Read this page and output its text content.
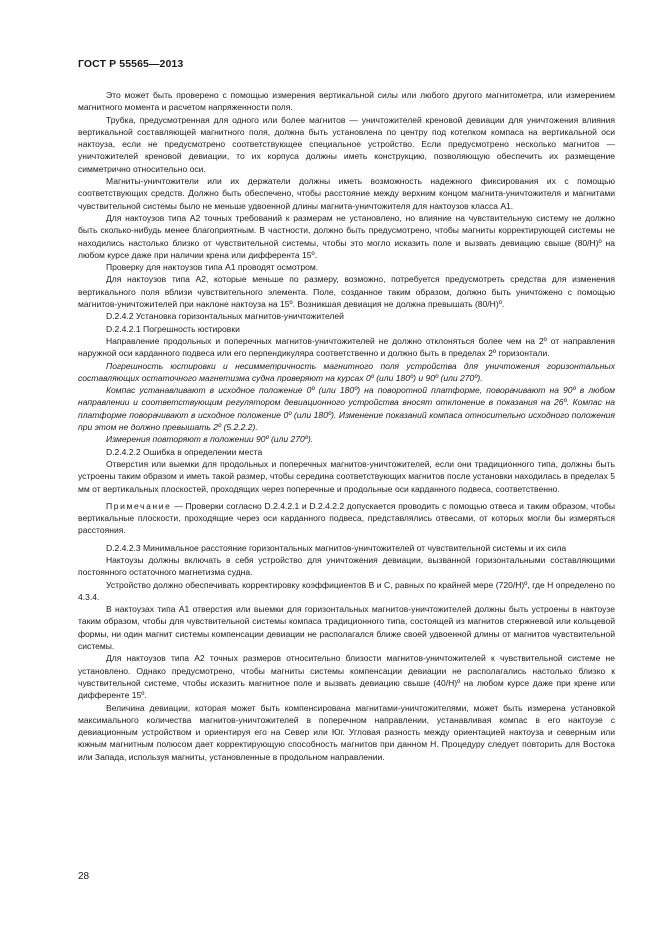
ГОСТ Р 55565—2013

Это может быть проверено с помощью измерения вертикальной силы или любого другого магнитометра, или измерением магнитного момента и расчетом напряженности поля.

Трубка, предусмотренная для одного или более магнитов — уничтожителей креновой девиации для уничтожения влияния вертикальной составляющей магнитного поля, должна быть установлена по центру под котелком компаса на вертикальной оси нактоуза, если не предусмотрено соответствующее специальное устройство. Если предусмотрено несколько магнитов — уничтожителей креновой девиации, то их корпуса должны иметь конструкцию, позволяющую обеспечить их размещение симметрично относительно оси.

Магниты-уничтожители или их держатели должны иметь возможность надежного фиксирования их с помощью соответствующих средств. Должно быть обеспечено, чтобы расстояние между верхним концом магнита-уничтожителя и магнитами чувствительной системы было не меньше удвоенной длины магнита-уничтожителя для нактоузов класса А1.

Для нактоузов типа А2 точных требований к размерам не установлено, но влияние на чувствительную систему не должно быть сколько-нибудь менее благоприятным. В частности, должно быть предусмотрено, чтобы магниты корректирующей системы не находились настолько близко от чувствительной системы, чтобы это могло исказить поле и вызвать девиацию свыше (80/H)º на любом курсе даже при наличии крена или дифферента 15º.

Проверку для нактоузов типа А1 проводят осмотром.

Для нактоузов типа А2, которые меньше по размеру, возможно, потребуется предусмотреть средства для изменения вертикального поля вблизи чувствительного элемента. Поле, созданное таким образом, должно быть уничтожено с помощью магнитов-уничтожителей при наклоне нактоуза на 15º. Возникшая девиация не должна превышать (80/H)º.

D.2.4.2 Установка горизонтальных магнитов-уничтожителей

D.2.4.2.1 Погрешность юстировки

Направление продольных и поперечных магнитов-уничтожителей не должно отклоняться более чем на 2º от направления наружной оси карданного подвеса или его перпендикуляра соответственно и должно быть в пределах 2º горизонтали.

Погрешность юстировки и несимметричность магнитного поля устройства для уничтожения горизонтальных составляющих остаточного магнетизма судна проверяют на курсах 0º (или 180º) и 90º (или 270º).

Компас устанавливают в исходное положение 0º (или 180º) на поворотной платформе, поворачивают на 90º в любом направлении и соответствующим регулятором девиационного устройства вносят отклонение в показания на 26º. Компас на платформе поворачивают в исходное положение 0º (или 180º). Изменение показаний компаса относительно исходного положения при этом не должно превышать 2º (5.2.2.2).

Измерения повторяют в положении 90º (или 270º).

D.2.4.2.2 Ошибка в определении места

Отверстия или выемки для продольных и поперечных магнитов-уничтожителей, если они традиционного типа, должны быть устроены таким образом и иметь такой размер, чтобы середина соответствующих магнитов после установки находилась в пределах 5 мм от вертикальных плоскостей, проходящих через поперечные и продольные оси карданного подвеса, соответственно.

Примечание — Проверки согласно D.2.4.2.1 и D.2.4.2.2 допускается проводить с помощью отвеса и таким образом, чтобы вертикальные плоскости, проходящие через оси карданного подвеса, представлялись отвесами, от которых могли бы измеряться расстояния.

D.2.4.2.3 Минимальное расстояние горизонтальных магнитов-уничтожителей от чувствительной системы и их сила

Нактоузы должны включать в себя устройство для уничтожения девиации, вызванной горизонтальными составляющими постоянного остаточного магнетизма судна.

Устройство должно обеспечивать корректировку коэффициентов B и C, равных по крайней мере (720/H)º, где H определено по 4.3.4.

В нактоузах типа А1 отверстия или выемки для горизонтальных магнитов-уничтожителей должны быть устроены в нактоузе таким образом, чтобы для чувствительной системы компаса традиционного типа, состоящей из магнитов стержневой или кольцевой формы, ни один магнит системы компенсации девиации не располагался ближе своей удвоенной длины от магнитов чувствительной системы.

Для нактоузов типа А2 точных размеров относительно близости магнитов-уничтожителей к чувствительной системе не установлено. Однако предусмотрено, чтобы магниты системы компенсации девиации не располагались настолько близко к чувствительной системе, чтобы исказить магнитное поле и вызвать девиацию свыше (40/H)º на любом курсе даже при крене или дифференте 15º.

Величина девиации, которая может быть компенсирована магнитами-уничтожителями, может быть измерена установкой максимального количества магнитов-уничтожителей в поперечном направлении, устанавливая компас в его нактоузе с девиационным устройством и ориентируя его на Север или Юг. Угловая разность между ориентацией нактоуза и северным или южным магнитным полюсом дает корректирующую способность магнитов при данном H. Процедуру следует повторить для Востока или Запада, используя магниты, установленные в продольном направлении.

28
